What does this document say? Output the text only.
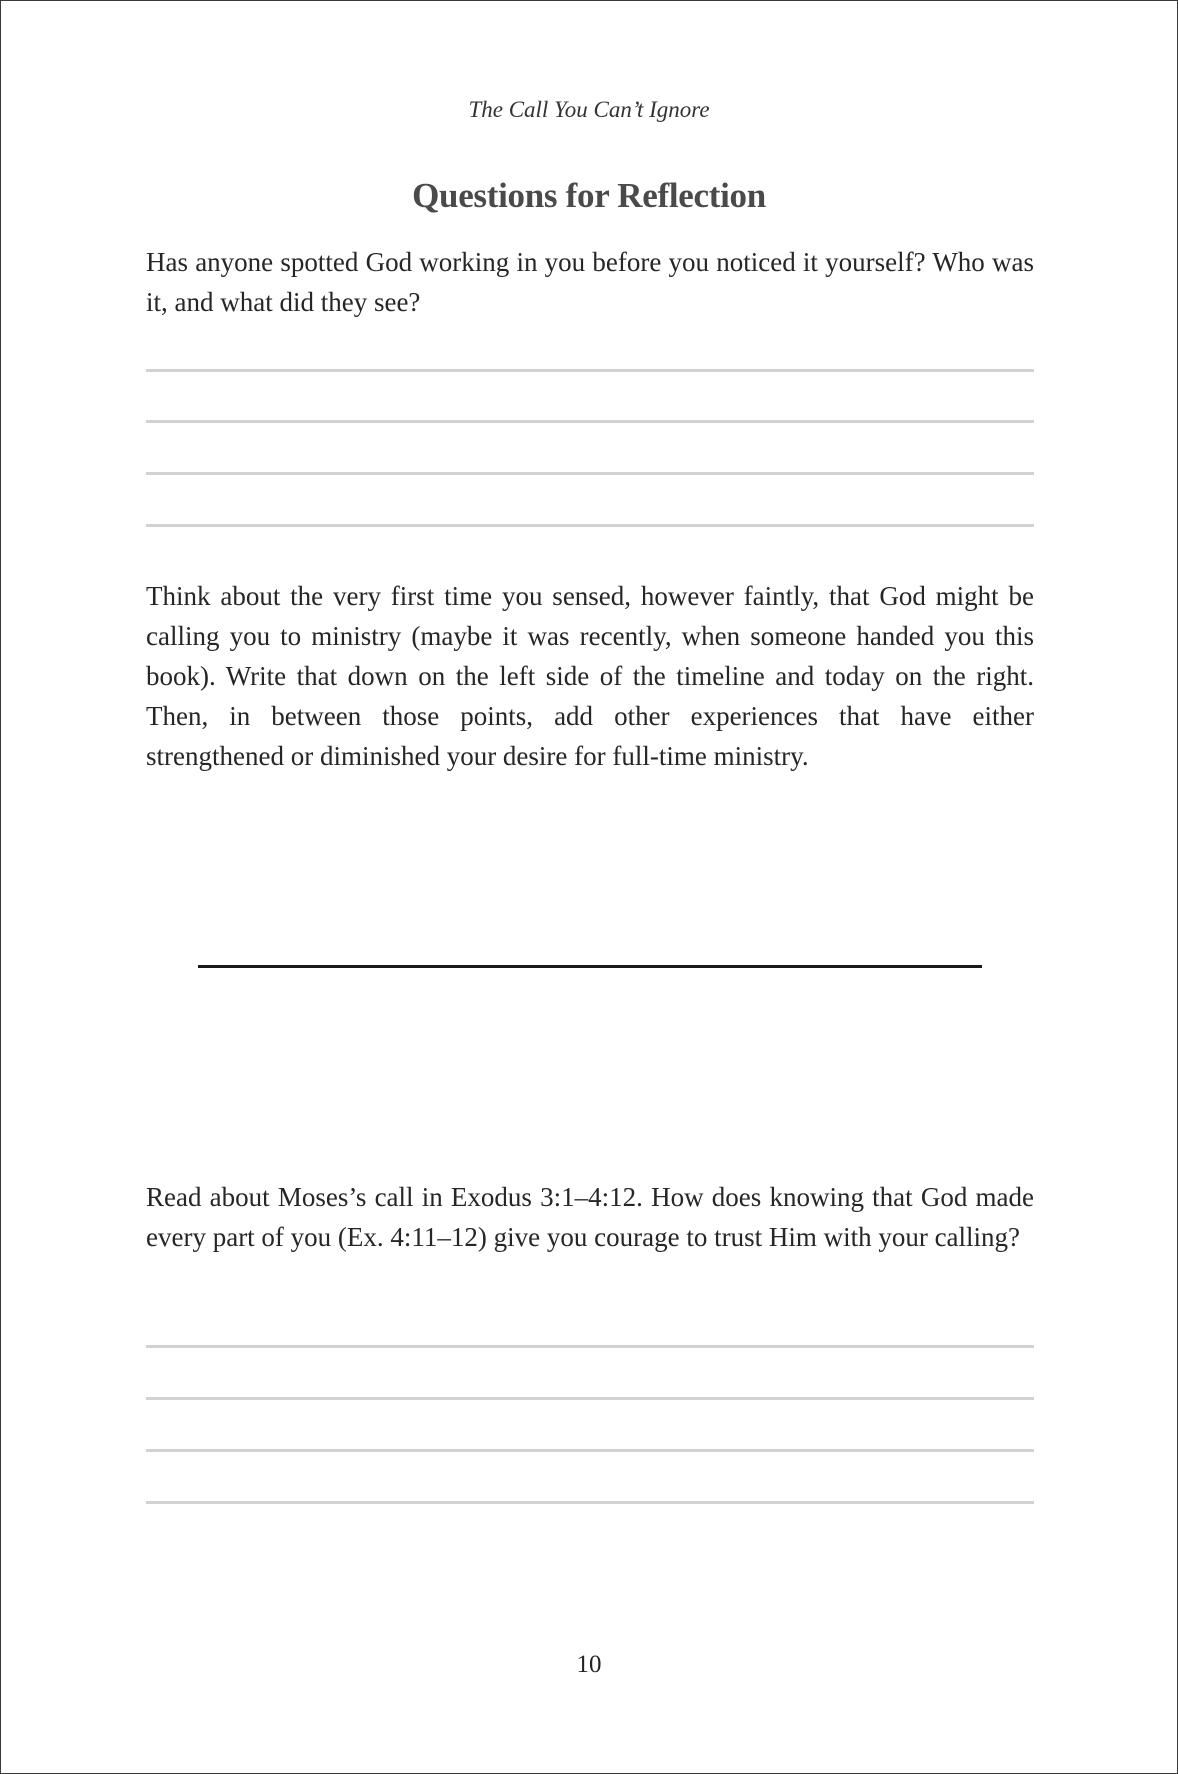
The Call You Can’t Ignore
Questions for Reflection
Has anyone spotted God working in you before you noticed it yourself? Who was it, and what did they see?
Think about the very first time you sensed, however faintly, that God might be calling you to ministry (maybe it was recently, when someone handed you this book). Write that down on the left side of the timeline and today on the right. Then, in between those points, add other experiences that have either strengthened or diminished your desire for full-time ministry.
Read about Moses’s call in Exodus 3:1–4:12. How does knowing that God made every part of you (Ex. 4:11–12) give you courage to trust Him with your calling?
10
